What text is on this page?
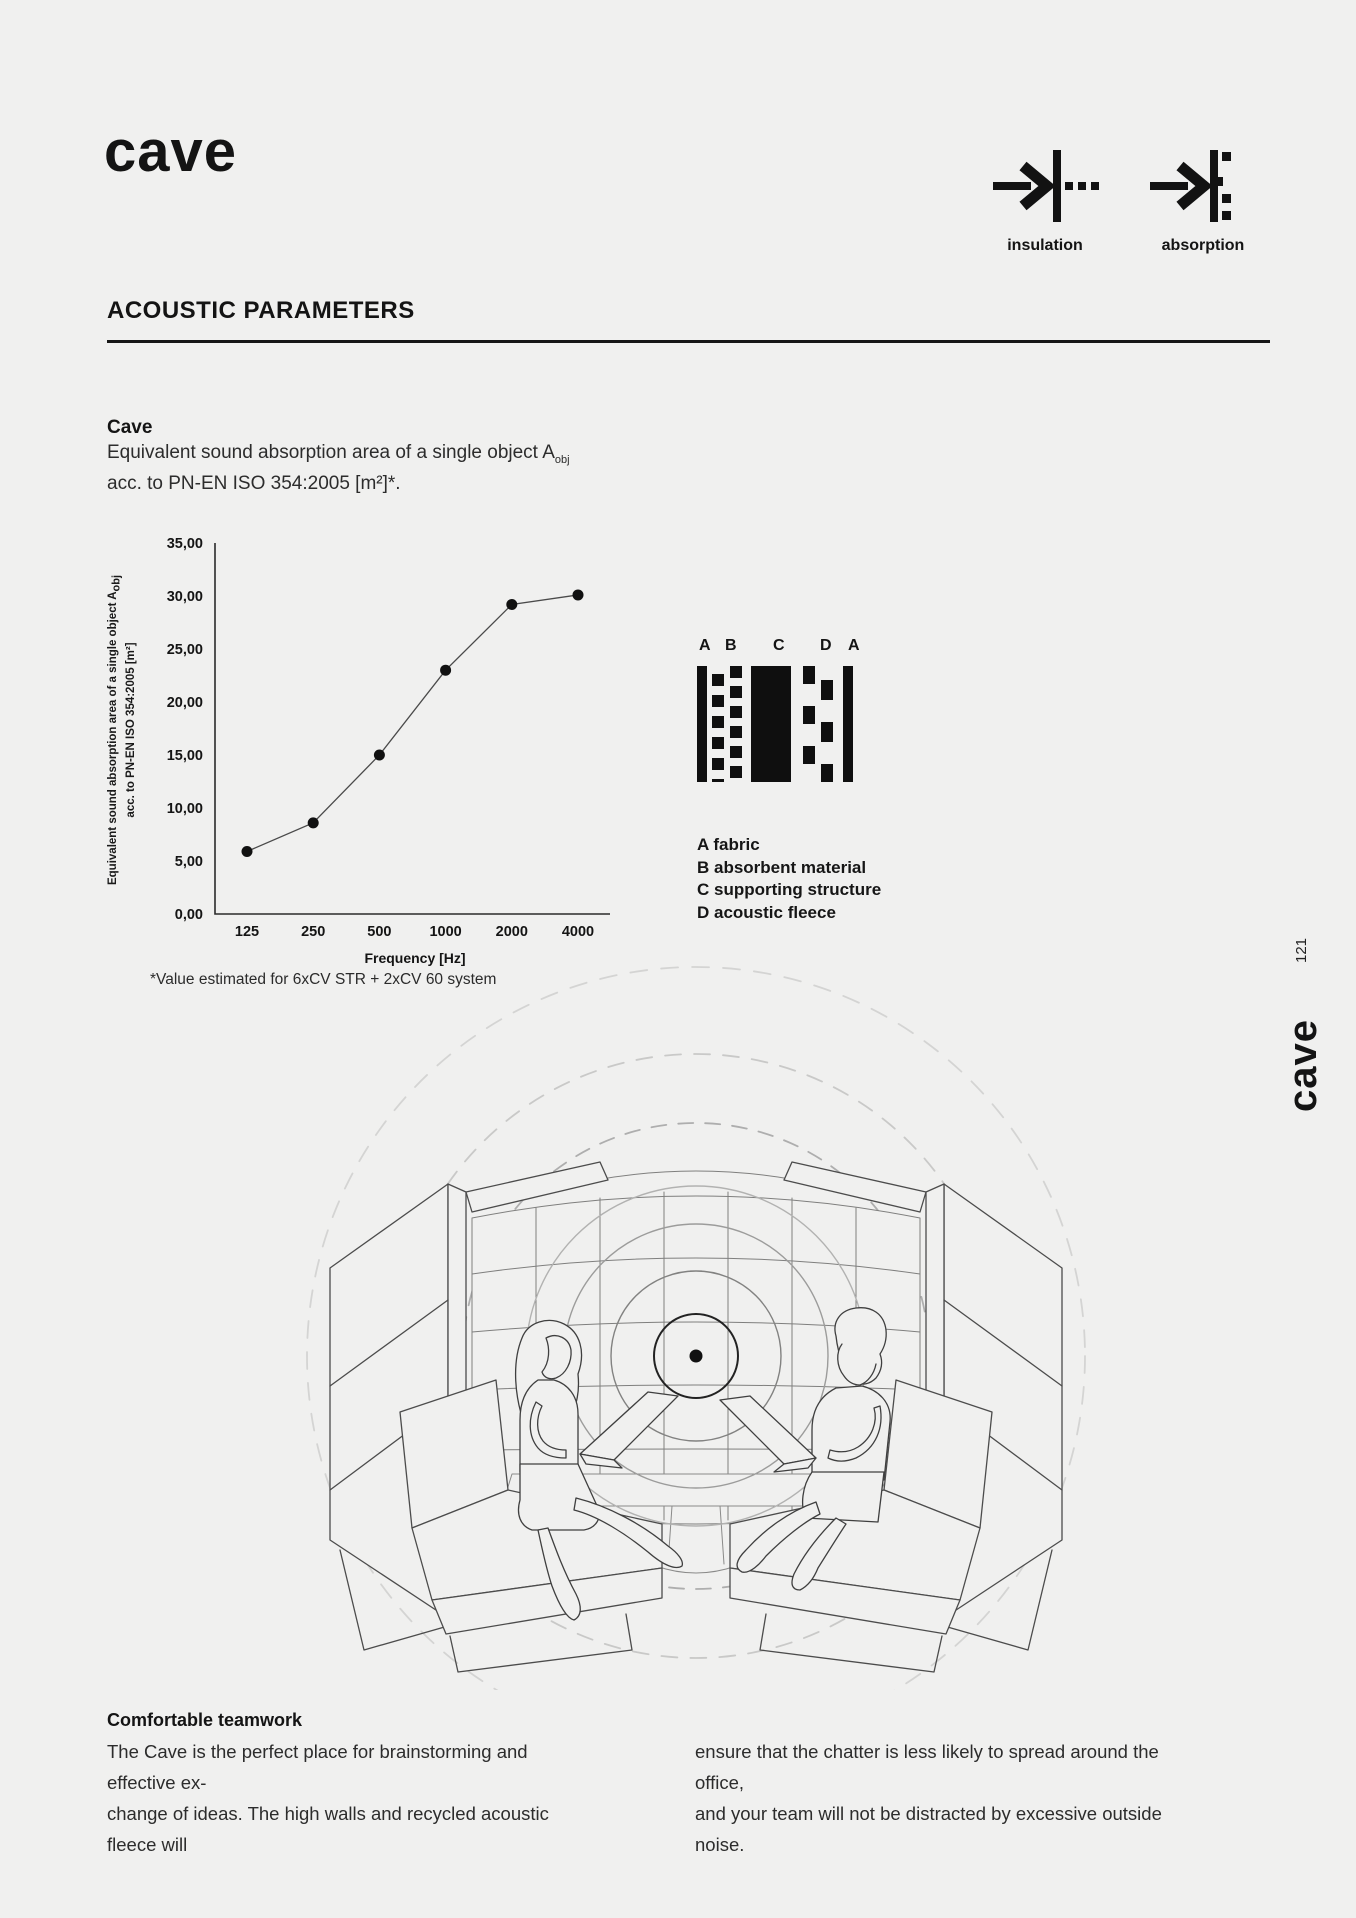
cave
insulation	absorption
ACOUSTIC PARAMETERS
Cave
Equivalent sound absorption area of a single object $A_{obj}$
acc. to PN-EN ISO 354:2005 [m²]*.
35,00
30,00
25,00
20,00
15,00
10,00
5,00
0,00
125	250	500	1000 2000 4000
Equivalent sound absorption area of a single object $A_{obj}$
acc. to PN-EN ISO 354:2005 [m²]
Frequency [Hz]
*Value estimated for 6xCV STR + 2xCV 60 system
A B C D A
A fabric
B absorbent material
C supporting structure
D acoustic fleece
121
cave
Comfortable teamwork
The Cave is the perfect place for brainstorming and effective ex-
change of ideas. The high walls and recycled acoustic fleece will
ensure that the chatter is less likely to spread around the office,
and your team will not be distracted by excessive outside noise.
